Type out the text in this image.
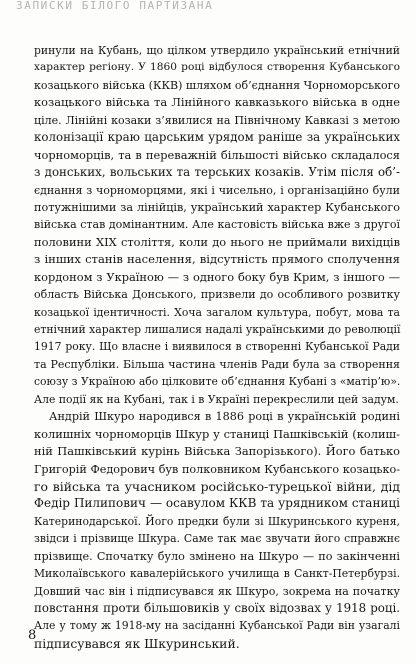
ЗАПИСКИ БІЛОГО ПАРТИЗАНА
ринули на Кубань, що цілком утвердило український етнічний
характер регіону. У 1860 році відбулося створення Кубанського
козацького війська (ККВ) шляхом об’єднання Чорноморського
козацького війська та Лінійного кавказького війська в одне
ціле. Лінійні козаки з’явилися на Північному Кавказі з метою
колонізації краю царським урядом раніше за українських
чорноморців, та в переважній більшості військо складалося
з донських, вольських та терських козаків. Утім після об’-
єднання з чорноморцями, які і чисельно, і організаційно були
потужнішими за лінійців, український характер Кубанського
війська став домінантним. Але кастовість війська вже з другої
половини XIX століття, коли до нього не приймали вихідців
з інших станів населення, відсутність прямого сполучення
кордоном з Україною — з одного боку був Крим, з іншого —
область Війська Донського, призвели до особливого розвитку
козацької ідентичності. Хоча загалом культура, побут, мова та
етнічний характер лишалися надалі українськими до революції
1917 року. Що власне і виявилося в створенні Кубанської Ради
та Республіки. Більша частина членів Ради була за створення
союзу з Україною або цілковите об’єднання Кубані з «матір’ю».
Але події як на Кубані, так і в Україні перекреслили цей задум.
Андрій Шкуро народився в 1886 році в українській родині
колишніх чорноморців Шкур у станиці Пашківській (колиш-
ній Пашківський курінь Війська Запорізького). Його батько
Григорій Федорович був полковником Кубанського козацько-
го війська та учасником російсько-турецької війни, дід
Федір Пилипович — осавулом ККВ та урядником станиці
Катеринодарської. Його предки були зі Шкуринського куреня,
звідси і прізвище Шкура. Саме так має звучати його справжнє
прізвище. Спочатку було змінено на Шкуро — по закінченні
Миколаївського кавалерійського училища в Санкт-Петербурзі.
Довший час він і підписувався як Шкуро, зокрема на початку
повстання проти більшовиків у своїх відозвах у 1918 році.
Але у тому ж 1918-му на засіданні Кубанської Ради він узагалі
підписувався як Шкуринський.
8
